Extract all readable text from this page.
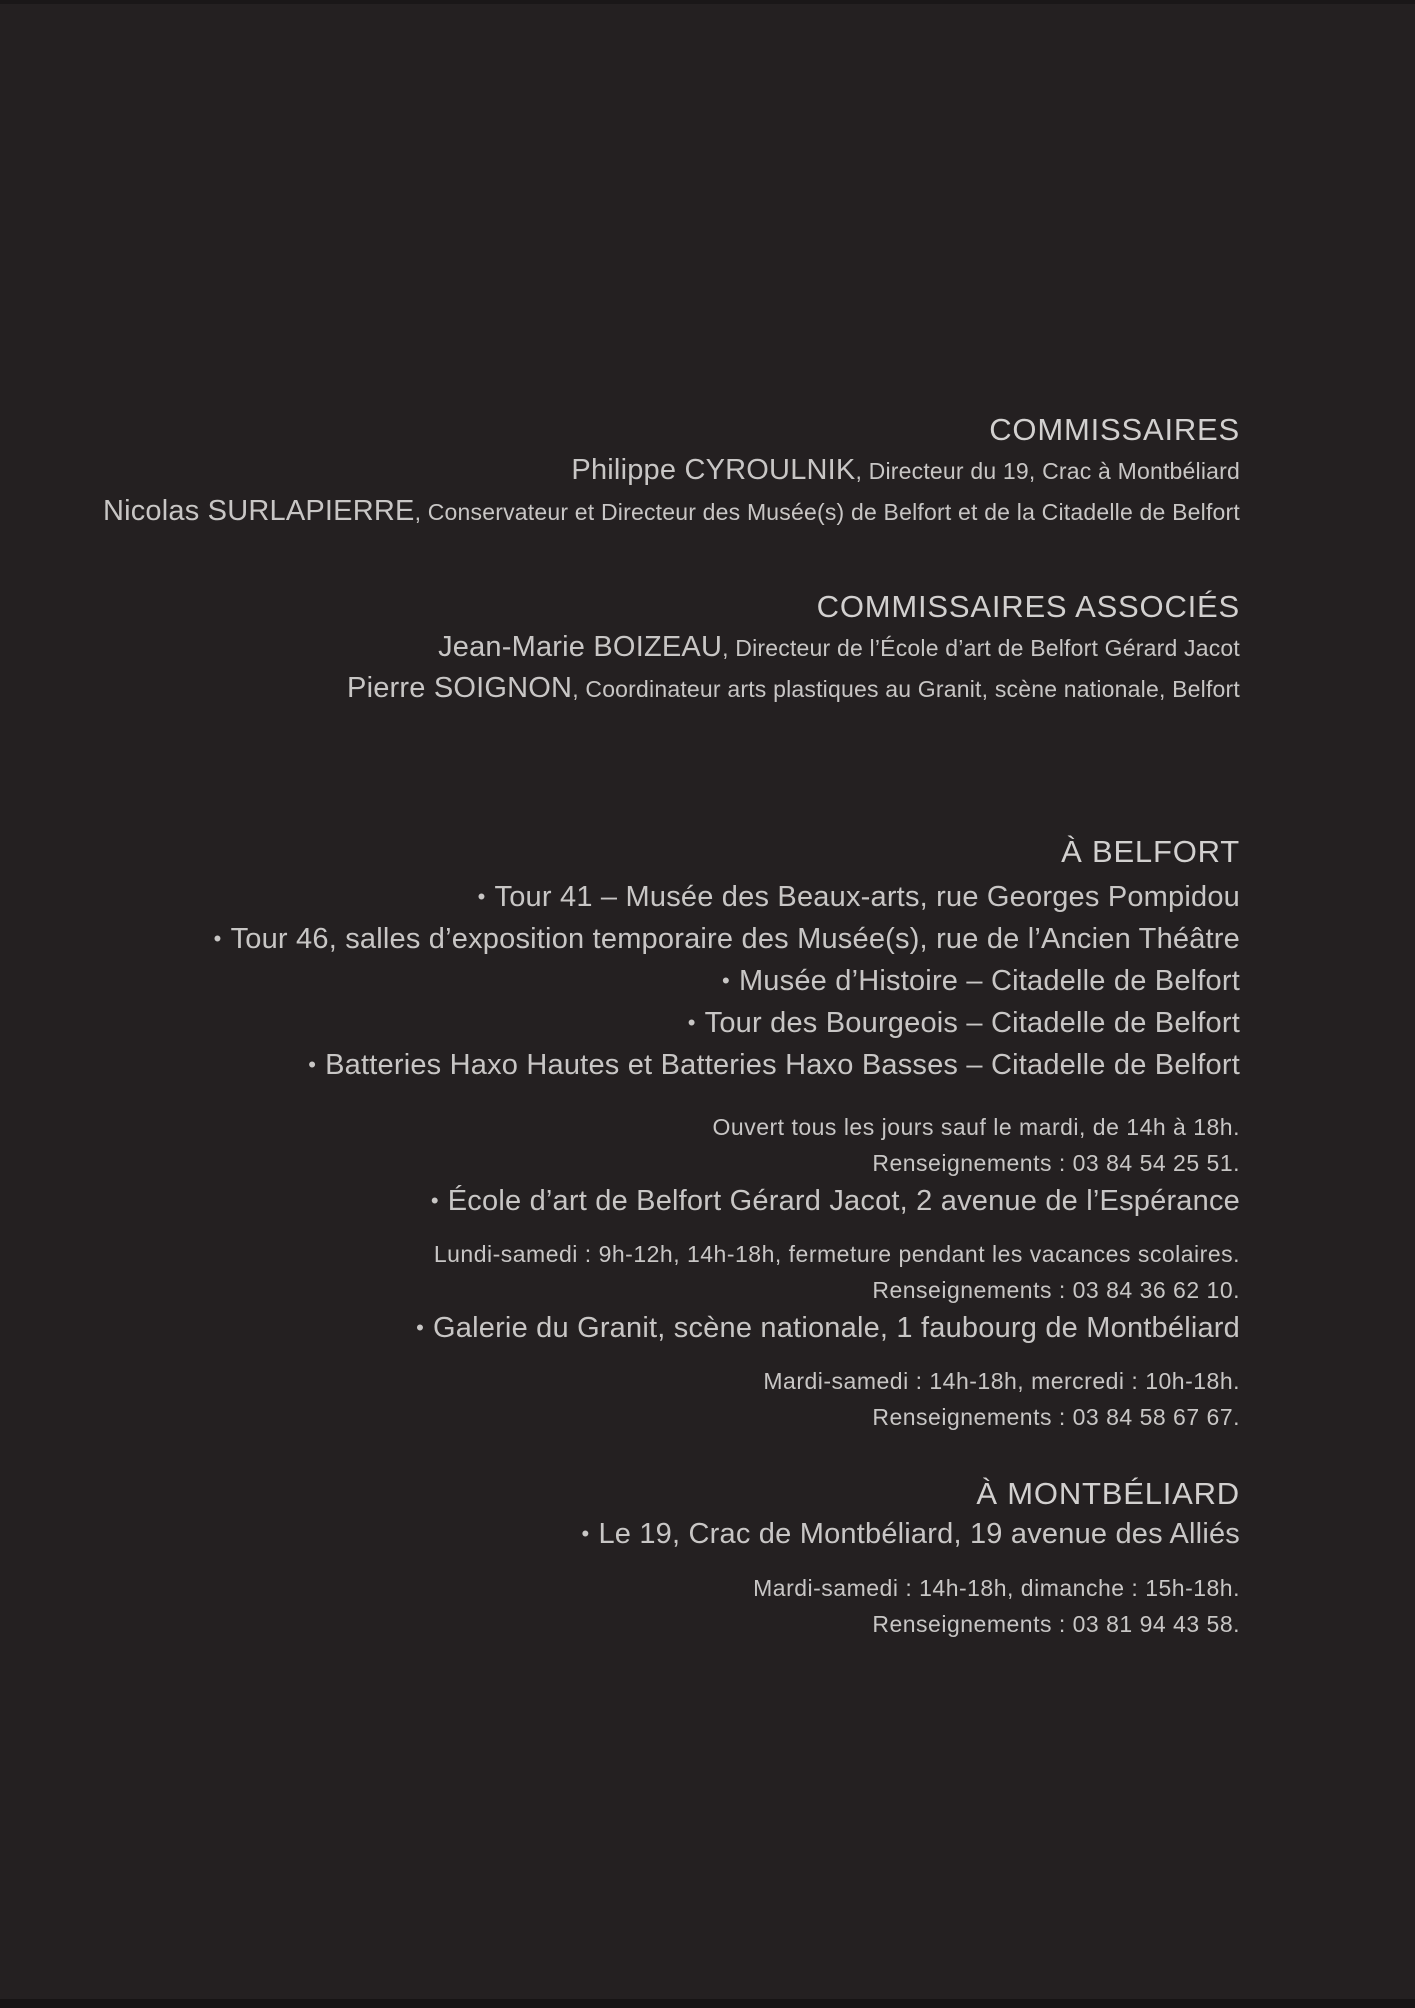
COMMISSAIRES

Philippe CYROULNIK, Directeur du 19, Crac à Montbéliard

Nicolas SURLAPIERRE, Conservateur et Directeur des Musée(s) de Belfort et de la Citadelle de Belfort

COMMISSAIRES ASSOCIÉS

Jean-Marie BOIZEAU, Directeur de l’École d’art de Belfort Gérard Jacot

Pierre SOIGNON, Coordinateur arts plastiques au Granit, scène nationale, Belfort

À BELFORT

• Tour 41 – Musée des Beaux-arts, rue Georges Pompidou

• Tour 46, salles d’exposition temporaire des Musée(s), rue de l’Ancien Théâtre

• Musée d’Histoire – Citadelle de Belfort

• Tour des Bourgeois – Citadelle de Belfort

• Batteries Haxo Hautes et Batteries Haxo Basses – Citadelle de Belfort

Ouvert tous les jours sauf le mardi, de 14h à 18h.

Renseignements : 03 84 54 25 51.

• École d’art de Belfort Gérard Jacot, 2 avenue de l’Espérance

Lundi-samedi : 9h-12h, 14h-18h, fermeture pendant les vacances scolaires.

Renseignements : 03 84 36 62 10.

• Galerie du Granit, scène nationale, 1 faubourg de Montbéliard

Mardi-samedi : 14h-18h, mercredi : 10h-18h.

Renseignements : 03 84 58 67 67.

À MONTBÉLIARD

• Le 19, Crac de Montbéliard, 19 avenue des Alliés

Mardi-samedi : 14h-18h, dimanche : 15h-18h.

Renseignements : 03 81 94 43 58.
